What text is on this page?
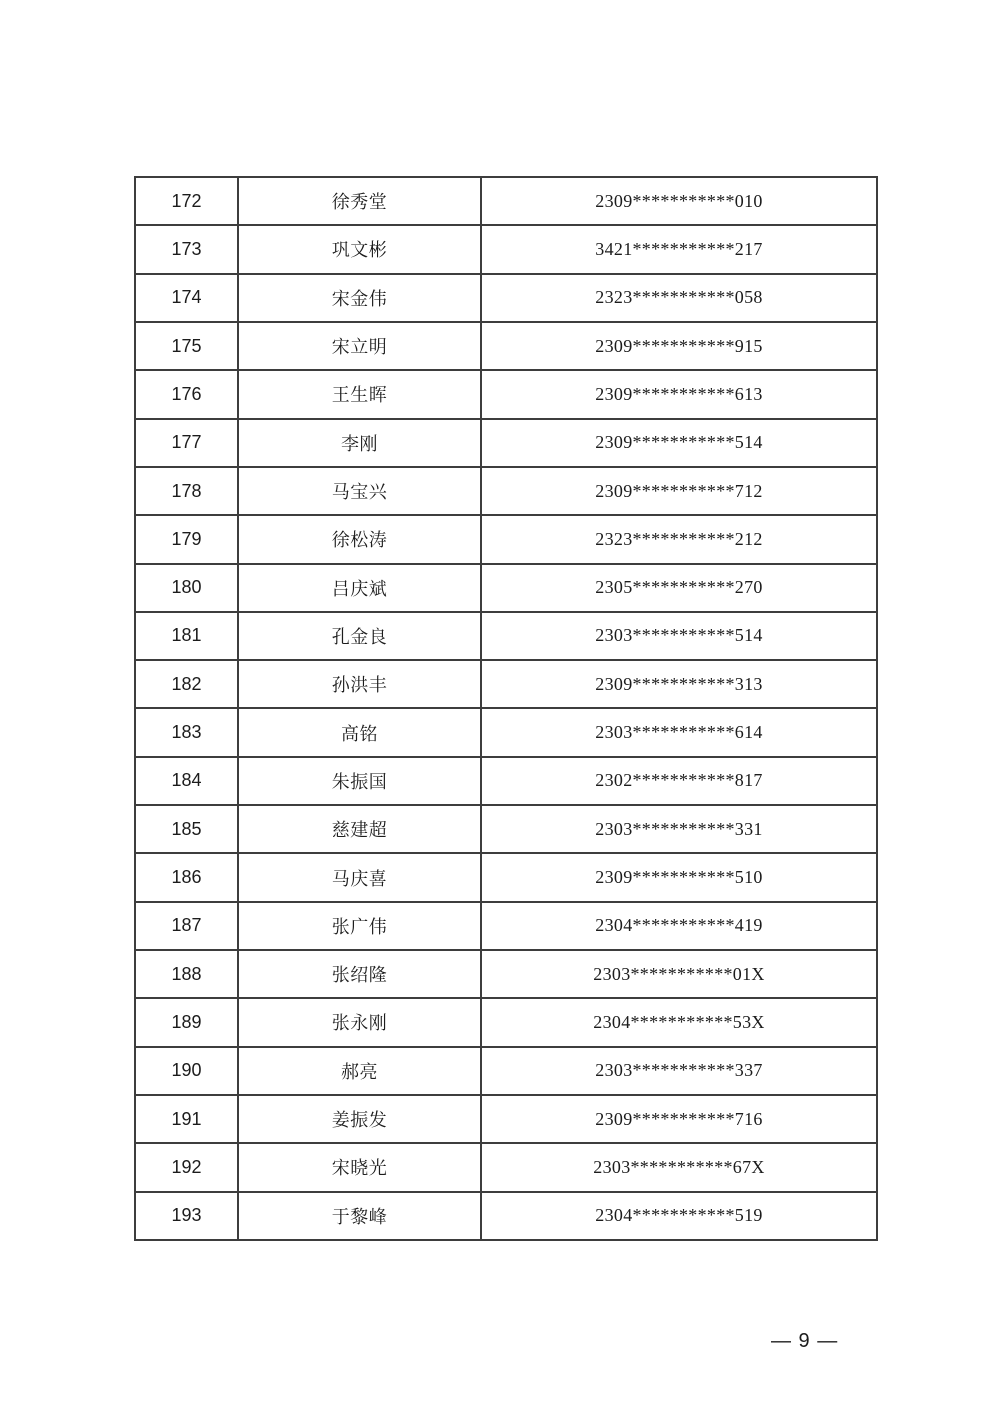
172	徐秀堂	2309***********010
173	巩文彬	3421***********217
174	宋金伟	2323***********058
175	宋立明	2309***********915
176	王生晖	2309***********613
177	李刚	2309***********514
178	马宝兴	2309***********712
179	徐松涛	2323***********212
180	吕庆斌	2305***********270
181	孔金良	2303***********514
182	孙洪丰	2309***********313
183	高铭	2303***********614
184	朱振国	2302***********817
185	慈建超	2303***********331
186	马庆喜	2309***********510
187	张广伟	2304***********419
188	张绍隆	2303***********01X
189	张永刚	2304***********53X
190	郝亮	2303***********337
191	姜振发	2309***********716
192	宋晓光	2303***********67X
193	于黎峰	2304***********519
— 9 —
